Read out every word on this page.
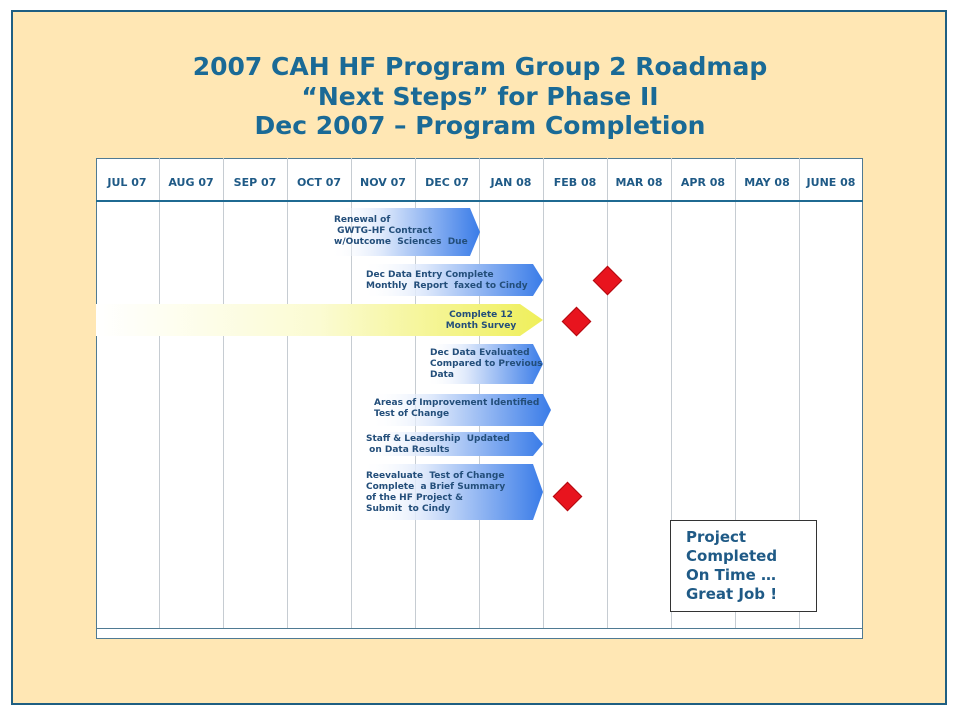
2007 CAH HF Program Group 2 Roadmap
“Next Steps” for Phase II
Dec 2007 – Program Completion
JUL 07	AUG 07	SEP 07	OCT 07	NOV 07	DEC 07	JAN 08	FEB 08	MAR 08	APR 08	MAY 08	JUNE 08
Renewal of
GWTG-HF Contract
w/Outcome  Sciences  Due
Dec Data Entry Complete
Monthly  Report  faxed to Cindy
Complete 12
Month Survey
Dec Data Evaluated
Compared to Previous
Data
Areas of Improvement Identified
Test of Change
Staff & Leadership  Updated
on Data Results
Reevaluate  Test of Change
Complete  a Brief Summary
of the HF Project &
Submit  to Cindy
Project
Completed
On Time …
Great Job !
